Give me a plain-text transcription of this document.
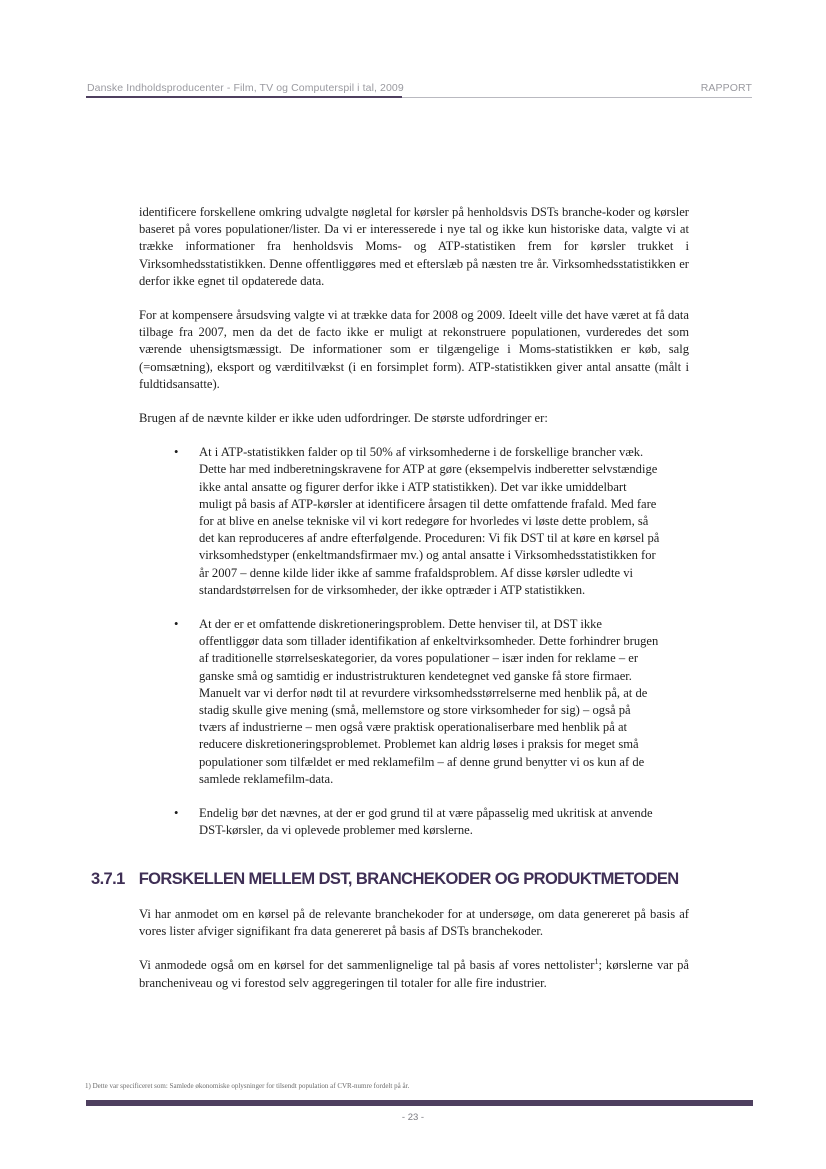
Danske Indholdsproducenter - Film, TV og Computerspil i tal, 2009	RAPPORT

identificere forskellene omkring udvalgte nøgletal for kørsler på henholdsvis DSTs branche-koder og kørsler baseret på vores populationer/lister. Da vi er interesserede i nye tal og ikke kun historiske data, valgte vi at trække informationer fra henholdsvis Moms- og ATP-statistiken frem for kørsler trukket i Virksomhedsstatistikken. Denne offentliggøres med et efterslæb på næsten tre år. Virksomhedsstatistikken er derfor ikke egnet til opdaterede data.

For at kompensere årsudsving valgte vi at trække data for 2008 og 2009. Ideelt ville det have været at få data tilbage fra 2007, men da det de facto ikke er muligt at rekonstruere populationen, vurderedes det som værende uhensigtsmæssigt. De informationer som er tilgængelige i Moms-statistikken er køb, salg (=omsætning), eksport og værditilvækst (i en forsimplet form). ATP-statistikken giver antal ansatte (målt i fuldtidsansatte).

Brugen af de nævnte kilder er ikke uden udfordringer. De største udfordringer er:

• At i ATP-statistikken falder op til 50% af virksomhederne i de forskellige brancher væk. Dette har med indberetningskravene for ATP at gøre (eksempelvis indberetter selvstændige ikke antal ansatte og figurer derfor ikke i ATP statistikken). Det var ikke umiddelbart muligt på basis af ATP-kørsler at identificere årsagen til dette omfattende frafald. Med fare for at blive en anelse tekniske vil vi kort redegøre for hvorledes vi løste dette problem, så det kan reproduceres af andre efterfølgende. Proceduren: Vi fik DST til at køre en kørsel på virksomhedstyper (enkeltmandsfirmaer mv.) og antal ansatte i Virksomhedsstatistikken for år 2007 – denne kilde lider ikke af samme frafaldsproblem. Af disse kørsler udledte vi standardstørrelsen for de virksomheder, der ikke optræder i ATP statistikken.
• At der er et omfattende diskretioneringsproblem. Dette henviser til, at DST ikke offentliggør data som tillader identifikation af enkeltvirksomheder. Dette forhindrer brugen af traditionelle størrelseskategorier, da vores populationer – især inden for reklame – er ganske små og samtidig er industristrukturen kendetegnet ved ganske få store firmaer. Manuelt var vi derfor nødt til at revurdere virksomhedsstørrelserne med henblik på, at de stadig skulle give mening (små, mellemstore og store virksomheder for sig) – også på tværs af industrierne – men også være praktisk operationaliserbare med henblik på at reducere diskretioneringsproblemet. Problemet kan aldrig løses i praksis for meget små populationer som tilfældet er med reklamefilm – af denne grund benytter vi os kun af de samlede reklamefilm-data.
• Endelig bør det nævnes, at der er god grund til at være påpasselig med ukritisk at anvende DST-kørsler, da vi oplevede problemer med kørslerne.
3.7.1 FORSKELLEN MELLEM DST, BRANCHEKODER OG PRODUKTMETODEN

Vi har anmodet om en kørsel på de relevante branchekoder for at undersøge, om data genereret på basis af vores lister afviger signifikant fra data genereret på basis af DSTs branchekoder.

Vi anmodede også om en kørsel for det sammenlignelige tal på basis af vores nettolister$^1$; kørslerne var på brancheniveau og vi forestod selv aggregeringen til totaler for alle fire industrier.

1) Dette var specificeret som: Samlede økonomiske oplysninger for tilsendt population af CVR-numre fordelt på år.
- 23 -
